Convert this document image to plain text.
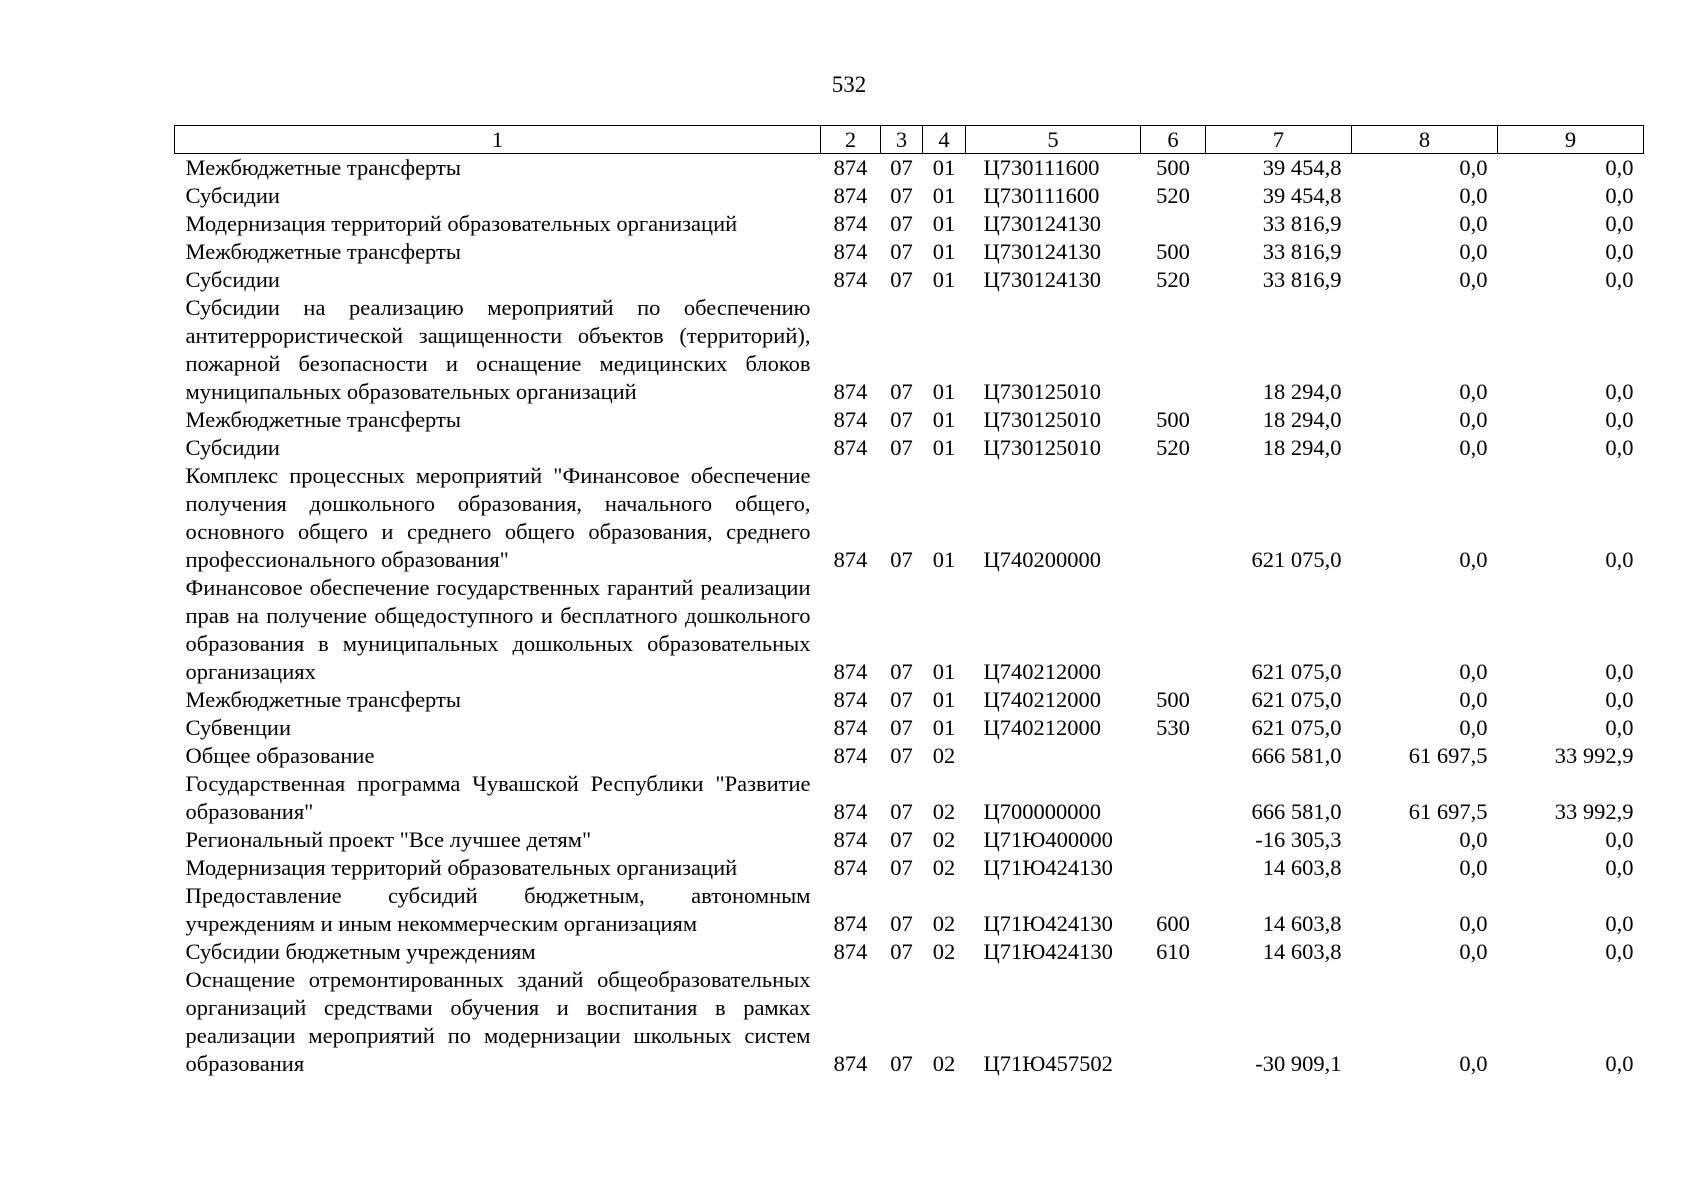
532
1	2	3	4	5	6	7	8	9
Межбюджетные трансферты	874	07	01	Ц730111600	500	39 454,8	0,0	0,0
Субсидии	874	07	01	Ц730111600	520	39 454,8	0,0	0,0
Модернизация территорий образовательных организаций	874	07	01	Ц730124130		33 816,9	0,0	0,0
Межбюджетные трансферты	874	07	01	Ц730124130	500	33 816,9	0,0	0,0
Субсидии	874	07	01	Ц730124130	520	33 816,9	0,0	0,0
Субсидии на реализацию мероприятий по обеспечению антитеррористической защищенности объектов (территорий), пожарной безопасности и оснащение медицинских блоков муниципальных образовательных организаций	874	07	01	Ц730125010		18 294,0	0,0	0,0
Межбюджетные трансферты	874	07	01	Ц730125010	500	18 294,0	0,0	0,0
Субсидии	874	07	01	Ц730125010	520	18 294,0	0,0	0,0
Комплекс процессных мероприятий "Финансовое обеспечение получения дошкольного образования, начального общего, основного общего и среднего общего образования, среднего профессионального образования"	874	07	01	Ц740200000		621 075,0	0,0	0,0
Финансовое обеспечение государственных гарантий реализации прав на получение общедоступного и бесплатного дошкольного образования в муниципальных дошкольных образовательных организациях	874	07	01	Ц740212000		621 075,0	0,0	0,0
Межбюджетные трансферты	874	07	01	Ц740212000	500	621 075,0	0,0	0,0
Субвенции	874	07	01	Ц740212000	530	621 075,0	0,0	0,0
Общее образование	874	07	02			666 581,0	61 697,5	33 992,9
Государственная программа Чувашской Республики "Развитие образования"	874	07	02	Ц700000000		666 581,0	61 697,5	33 992,9
Региональный проект "Все лучшее детям"	874	07	02	Ц71Ю400000		-16 305,3	0,0	0,0
Модернизация территорий образовательных организаций	874	07	02	Ц71Ю424130		14 603,8	0,0	0,0
Предоставление субсидий бюджетным, автономным учреждениям и иным некоммерческим организациям	874	07	02	Ц71Ю424130	600	14 603,8	0,0	0,0
Субсидии бюджетным учреждениям	874	07	02	Ц71Ю424130	610	14 603,8	0,0	0,0
Оснащение отремонтированных зданий общеобразовательных организаций средствами обучения и воспитания в рамках реализации мероприятий по модернизации школьных систем образования	874	07	02	Ц71Ю457502		-30 909,1	0,0	0,0
